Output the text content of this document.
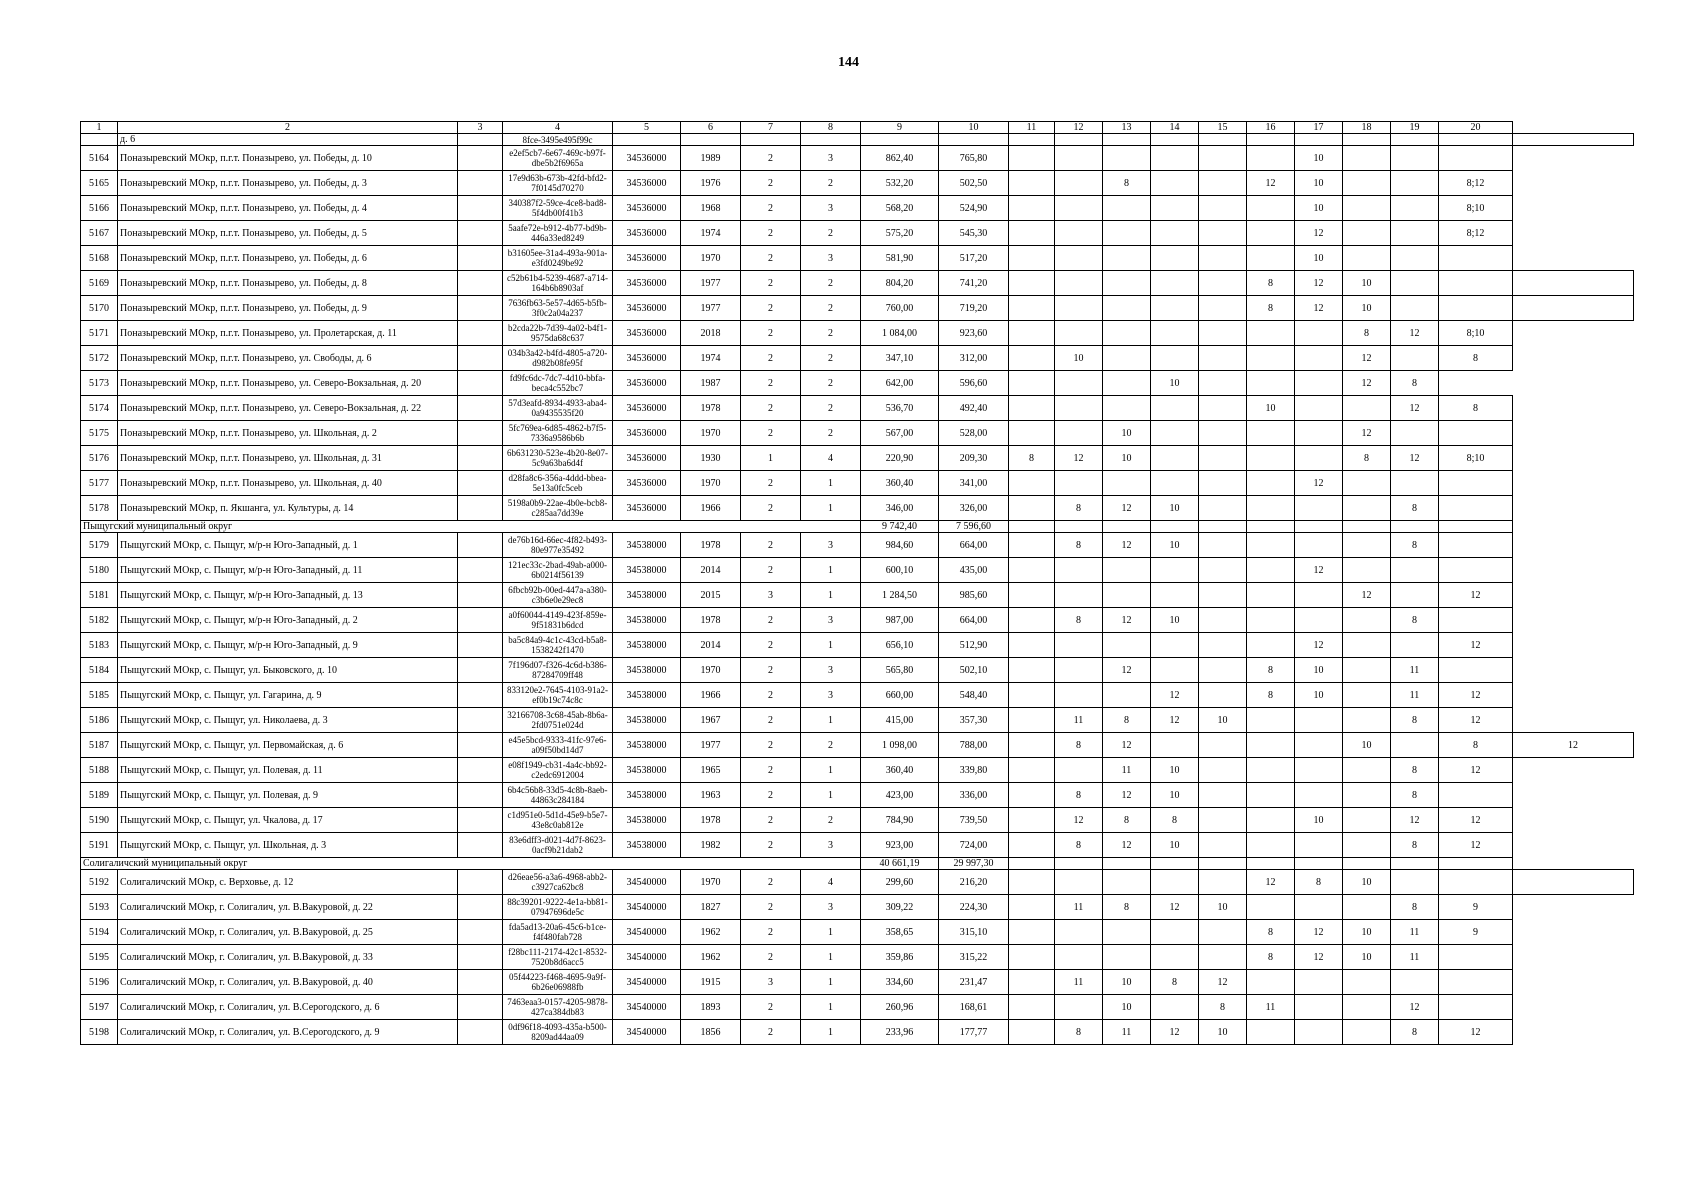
144
1	2	3	4	5	6	7	8	9	10	11	12	13	14	15	16	17	18	19	20	
	д. 6		8fce-3495e495f99c																	
5164	Поназыревский МОкр, п.г.т. Поназырево, ул. Победы, д. 10		e2ef5cb7-6e67-469c-b97f-dbe5b2f6965a	34536000	1989	2	3	862,40	765,80							10				
5165	Поназыревский МОкр, п.г.т. Поназырево, ул. Победы, д. 3		17e9d63b-673b-42fd-bfd2-7f0145d70270	34536000	1976	2	2	532,20	502,50			8			12	10			8;12	
5166	Поназыревский МОкр, п.г.т. Поназырево, ул. Победы, д. 4		340387f2-59ce-4ce8-bad8-5f4db00f41b3	34536000	1968	2	3	568,20	524,90							10			8;10	
5167	Поназыревский МОкр, п.г.т. Поназырево, ул. Победы, д. 5		5aafe72e-b912-4b77-bd9b-446a33ed8249	34536000	1974	2	2	575,20	545,30							12			8;12	
5168	Поназыревский МОкр, п.г.т. Поназырево, ул. Победы, д. 6		b31605ee-31a4-493a-901a-e3fd0249be92	34536000	1970	2	3	581,90	517,20							10				
5169	Поназыревский МОкр, п.г.т. Поназырево, ул. Победы, д. 8		c52b61b4-5239-4687-a714-164b6b8903af	34536000	1977	2	2	804,20	741,20						8	12	10			
5170	Поназыревский МОкр, п.г.т. Поназырево, ул. Победы, д. 9		7636fb63-5e57-4d65-b5fb-3f0c2a04a237	34536000	1977	2	2	760,00	719,20						8	12	10			
5171	Поназыревский МОкр, п.г.т. Поназырево, ул. Пролетарская, д. 11		b2cda22b-7d39-4a02-b4f1-9575da68c637	34536000	2018	2	2	1 084,00	923,60								8	12	8;10	
5172	Поназыревский МОкр, п.г.т. Поназырево, ул. Свободы, д. 6		034b3a42-b4fd-4805-a720-d982b08fe95f	34536000	1974	2	2	347,10	312,00		10						12		8	
5173	Поназыревский МОкр, п.г.т. Поназырево, ул. Северо-Вокзальная, д. 20		fd9fc6dc-7dc7-4d10-bbfa-beca4c552bc7	34536000	1987	2	2	642,00	596,60				10				12	8		
5174	Поназыревский МОкр, п.г.т. Поназырево, ул. Северо-Вокзальная, д. 22		57d3eafd-8934-4933-aba4-0a9435535f20	34536000	1978	2	2	536,70	492,40						10			12	8	
5175	Поназыревский МОкр, п.г.т. Поназырево, ул. Школьная, д. 2		5fc769ea-6d85-4862-b7f5-7336a9586b6b	34536000	1970	2	2	567,00	528,00			10					12			
5176	Поназыревский МОкр, п.г.т. Поназырево, ул. Школьная, д. 31		6b631230-523e-4b20-8e07-5c9a63ba6d4f	34536000	1930	1	4	220,90	209,30	8	12	10					8	12	8;10	
5177	Поназыревский МОкр, п.г.т. Поназырево, ул. Школьная, д. 40		d28fa8c6-356a-4ddd-bbea-5e13a0fc5ceb	34536000	1970	2	1	360,40	341,00							12				
5178	Поназыревский МОкр, п. Якшанга, ул. Культуры, д. 14		5198a0b9-22ae-4b0e-bcb8-c285aa7dd39e	34536000	1966	2	1	346,00	326,00		8	12	10					8		
Пыщугский муниципальный округ								9 742,40	7 596,60											
5179	Пыщугский МОкр, с. Пыщуг, м/р-н Юго-Западный, д. 1		de76b16d-66ec-4f82-b493-80e977e35492	34538000	1978	2	3	984,60	664,00		8	12	10					8		
5180	Пыщугский МОкр, с. Пыщуг, м/р-н Юго-Западный, д. 11		121ec33c-2bad-49ab-a000-6b0214f56139	34538000	2014	2	1	600,10	435,00							12				
5181	Пыщугский МОкр, с. Пыщуг, м/р-н Юго-Западный, д. 13		6fbcb92b-00ed-447a-a380-c3b6e0e29ec8	34538000	2015	3	1	1 284,50	985,60								12		12	
5182	Пыщугский МОкр, с. Пыщуг, м/р-н Юго-Западный, д. 2		a0f60044-4149-423f-859e-9f51831b6dcd	34538000	1978	2	3	987,00	664,00		8	12	10					8		
5183	Пыщугский МОкр, с. Пыщуг, м/р-н Юго-Западный, д. 9		ba5c84a9-4c1c-43cd-b5a8-1538242f1470	34538000	2014	2	1	656,10	512,90							12			12	
5184	Пыщугский МОкр, с. Пыщуг, ул. Быковского, д. 10		7f196d07-f326-4c6d-b386-87284709ff48	34538000	1970	2	3	565,80	502,10			12			8	10		11		
5185	Пыщугский МОкр, с. Пыщуг, ул. Гагарина, д. 9		833120e2-7645-4103-91a2-ef0b19c74c8c	34538000	1966	2	3	660,00	548,40				12		8	10		11	12	
5186	Пыщугский МОкр, с. Пыщуг, ул. Николаева, д. 3		32166708-3c68-45ab-8b6a-2fd0751e024d	34538000	1967	2	1	415,00	357,30		11	8	12	10				8	12	
5187	Пыщугский МОкр, с. Пыщуг, ул. Первомайская, д. 6		e45e5bcd-9333-41fc-97e6-a09f50bd14d7	34538000	1977	2	2	1 098,00	788,00		8	12					10		8	12
5188	Пыщугский МОкр, с. Пыщуг, ул. Полевая, д. 11		e08f1949-cb31-4a4c-bb92-c2edc6912004	34538000	1965	2	1	360,40	339,80			11	10					8	12	
5189	Пыщугский МОкр, с. Пыщуг, ул. Полевая, д. 9		6b4c56b8-33d5-4c8b-8aeb-44863c284184	34538000	1963	2	1	423,00	336,00		8	12	10					8		
5190	Пыщугский МОкр, с. Пыщуг, ул. Чкалова, д. 17		c1d951e0-5d1d-45e9-b5e7-43e8c0ab812e	34538000	1978	2	2	784,90	739,50		12	8	8			10		12	12	
5191	Пыщугский МОкр, с. Пыщуг, ул. Школьная, д. 3		83e6dff3-d021-4d7f-8623-0acf9b21dab2	34538000	1982	2	3	923,00	724,00		8	12	10					8	12	
Солигаличский муниципальный округ								40 661,19	29 997,30											
5192	Солигаличский МОкр, с. Верховье, д. 12		d26eae56-a3a6-4968-abb2-c3927ca62bc8	34540000	1970	2	4	299,60	216,20						12	8	10			
5193	Солигаличский МОкр, г. Солигалич, ул. В.Вакуровой, д. 22		88c39201-9222-4e1a-bb81-07947696de5c	34540000	1827	2	3	309,22	224,30		11	8	12	10				8	9	
5194	Солигаличский МОкр, г. Солигалич, ул. В.Вакуровой, д. 25		fda5ad13-20a6-45c6-b1ce-f4f480fab728	34540000	1962	2	1	358,65	315,10						8	12	10	11	9	
5195	Солигаличский МОкр, г. Солигалич, ул. В.Вакуровой, д. 33		f28bc111-2174-42c1-8532-7520b8d6acc5	34540000	1962	2	1	359,86	315,22						8	12	10	11		
5196	Солигаличский МОкр, г. Солигалич, ул. В.Вакуровой, д. 40		05f44223-f468-4695-9a9f-6b26e06988fb	34540000	1915	3	1	334,60	231,47		11	10	8	12						
5197	Солигаличский МОкр, г. Солигалич, ул. В.Серогодского, д. 6		7463eaa3-0157-4205-9878-427ca384db83	34540000	1893	2	1	260,96	168,61			10		8	11			12		
5198	Солигаличский МОкр, г. Солигалич, ул. В.Серогодского, д. 9		0df96f18-4093-435a-b500-8209ad44aa09	34540000	1856	2	1	233,96	177,77		8	11	12	10				8	12	
